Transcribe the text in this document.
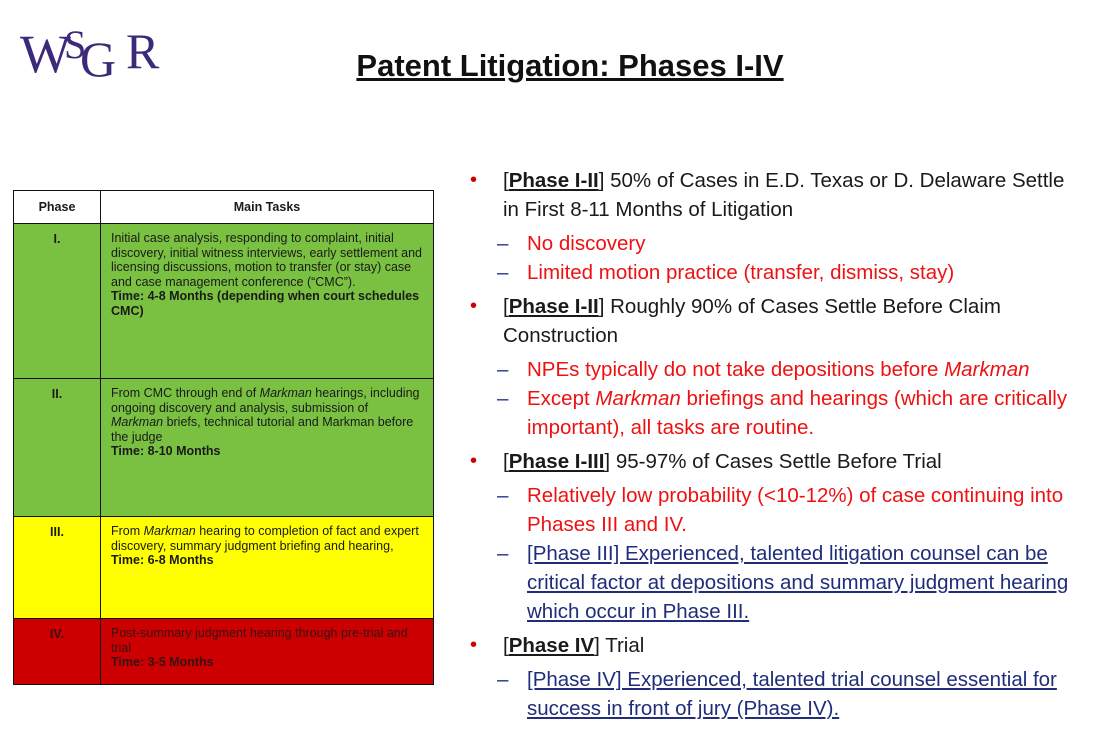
W
S
G R	Patent Litigation: Phases I-IV
Phase	Main Tasks
I.	Initial case analysis, responding to complaint, initial discovery, initial witness interviews, early settlement and licensing discussions, motion to transfer (or stay) case and case management conference (“CMC”).
Time: 4-8 Months (depending when court schedules CMC)

II.	From CMC through end of Markman hearings, including ongoing discovery and analysis, submission of Markman briefs, technical tutorial and Markman before the judge
Time: 8-10 Months

III.	From Markman hearing to completion of fact and expert discovery, summary judgment briefing and hearing,
Time: 6-8 Months

IV.	Post-summary judgment hearing through pre-trial and trial
Time: 3-5 Months
• [Phase I-II] 50% of Cases in E.D. Texas or D. Delaware Settle in First 8-11 Months of Litigation
– No discovery
– Limited motion practice (transfer, dismiss, stay)
• [Phase I-II] Roughly 90% of Cases Settle Before Claim Construction
– NPEs typically do not take depositions before Markman
– Except Markman briefings and hearings (which are critically important), all tasks are routine.
• [Phase I-III] 95-97% of Cases Settle Before Trial
– Relatively low probability (<10-12%) of case continuing into Phases III and IV.
– [Phase III] Experienced, talented litigation counsel can be critical factor at depositions and summary judgment hearing which occur in Phase III.
• [Phase IV] Trial
– [Phase IV] Experienced, talented trial counsel essential for success in front of jury (Phase IV).
